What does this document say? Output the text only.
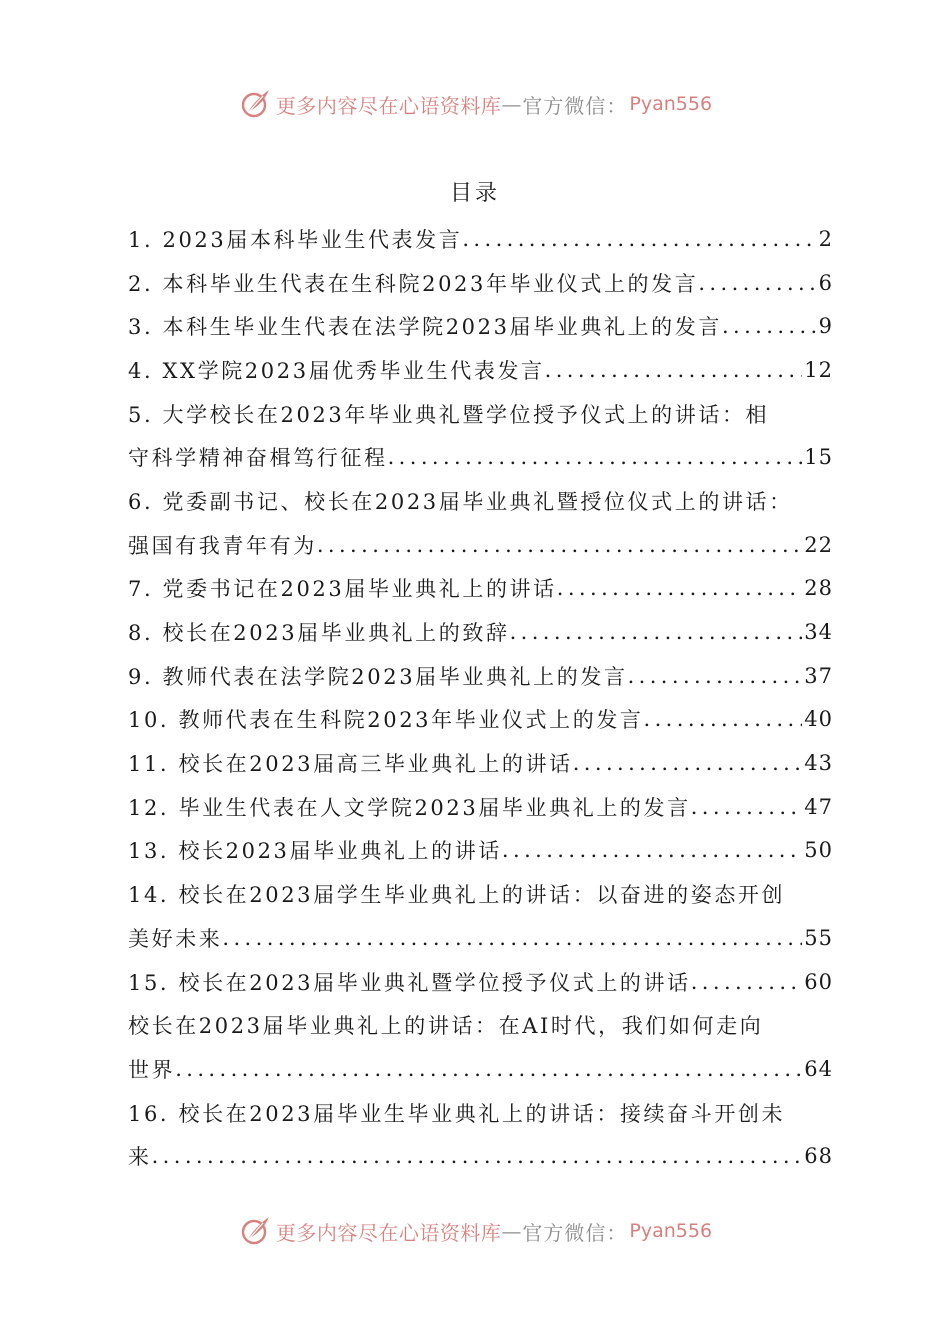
更多内容尽在心语资料库 — 官方微信： Pyan556
目录
1. 2023届本科毕业生代表发言 .....	2
2. 本科毕业生代表在生科院2023年毕业仪式上的发言 .....	6
3. 本科生毕业生代表在法学院2023届毕业典礼上的发言 .....	9
4. XX学院2023届优秀毕业生代表发言 .....	12
5. 大学校长在2023年毕业典礼暨学位授予仪式上的讲话：相
守科学精神奋楫笃行征程 .....	15
6. 党委副书记、校长在2023届毕业典礼暨授位仪式上的讲话：
强国有我青年有为 .....	22
7. 党委书记在2023届毕业典礼上的讲话 .....	28
8. 校长在2023届毕业典礼上的致辞 .....	34
9. 教师代表在法学院2023届毕业典礼上的发言 .....	37
10. 教师代表在生科院2023年毕业仪式上的发言 .....	40
11. 校长在2023届高三毕业典礼上的讲话 .....	43
12. 毕业生代表在人文学院2023届毕业典礼上的发言 .....	47
13. 校长2023届毕业典礼上的讲话 .....	50
14. 校长在2023届学生毕业典礼上的讲话：以奋进的姿态开创
美好未来 .....	55
15. 校长在2023届毕业典礼暨学位授予仪式上的讲话 .....	60
校长在2023届毕业典礼上的讲话：在AI时代，我们如何走向
世界 .....	64
16. 校长在2023届毕业生毕业典礼上的讲话：接续奋斗开创未
来 .....	68
更多内容尽在心语资料库 — 官方微信： Pyan556
